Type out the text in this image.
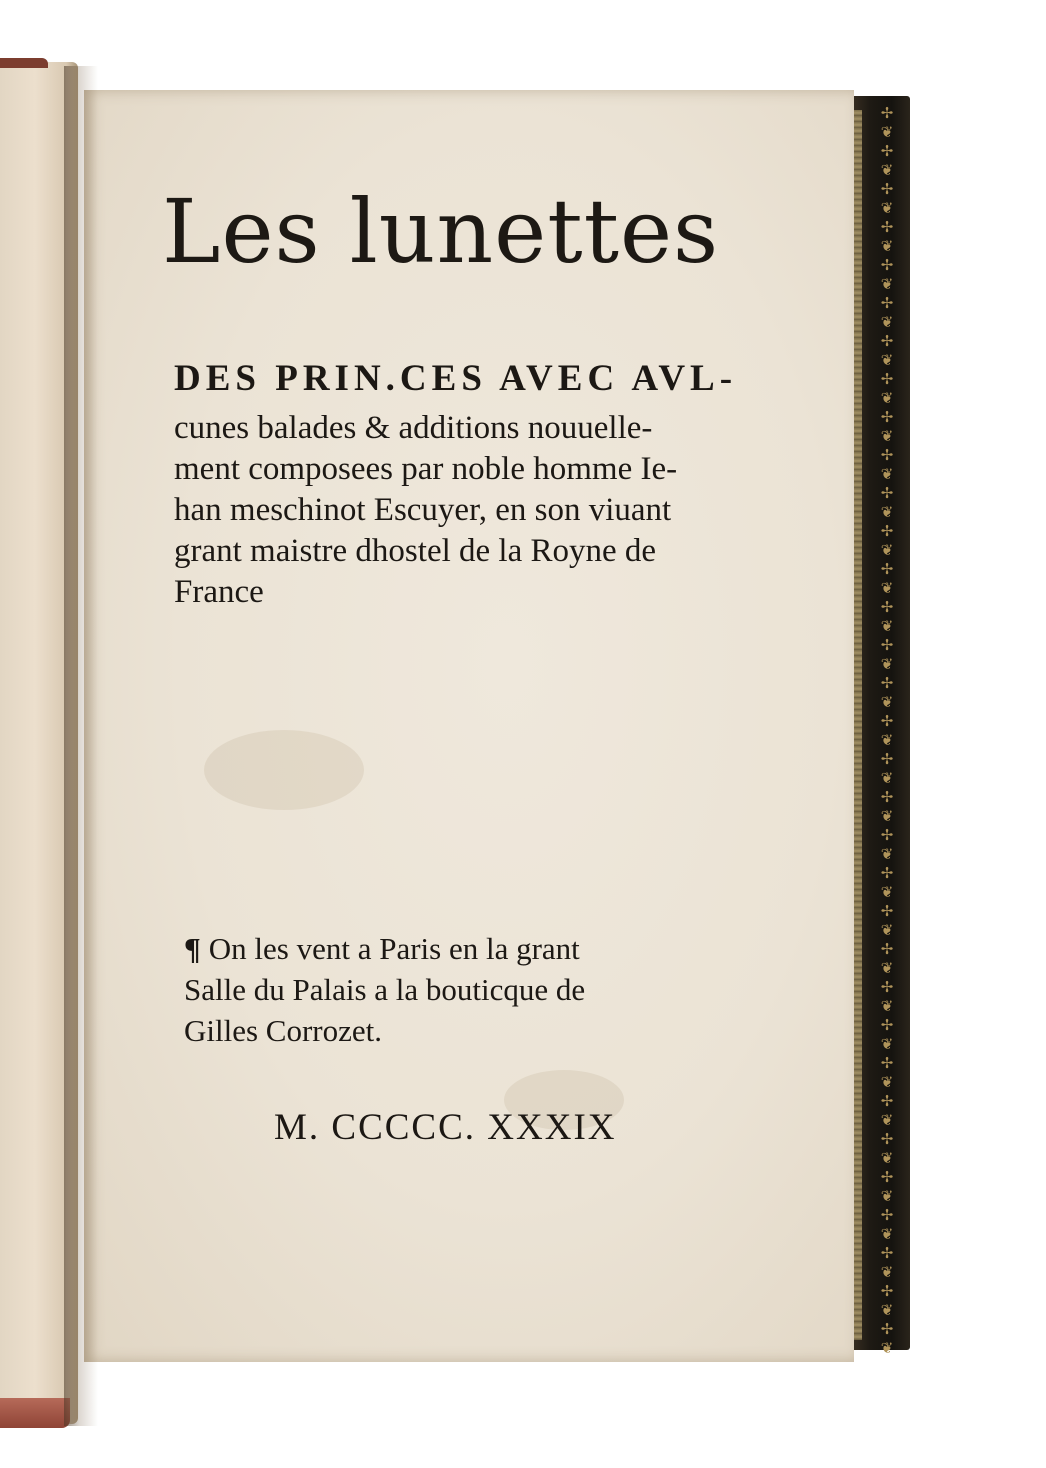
✢
❦
✢
❦
✢
❦
✢
❦
✢
❦
✢
❦
✢
❦
✢
❦
✢
❦
✢
❦
✢
❦
✢
❦
✢
❦
✢
❦
✢
❦
✢
❦
✢
❦
✢
❦
✢
❦
✢
❦
✢
❦
✢
❦
✢
❦
✢
❦
✢
❦
✢
❦
✢
❦
✢
❦
✢
❦
✢
❦
✢
❦
✢
❦
✢
❦

Les lunettes
DES PRIN.CES AVEC AVL-
cunes balades & additions nouuelle-
ment composees par noble homme Ie-
han meschinot Escuyer, en son viuant
grant maistre dhostel de la Royne de
France
¶ On les vent a Paris en la grant
Salle du Palais a la bouticque de
Gilles Corrozet.
M. CCCCC. XXXIX
